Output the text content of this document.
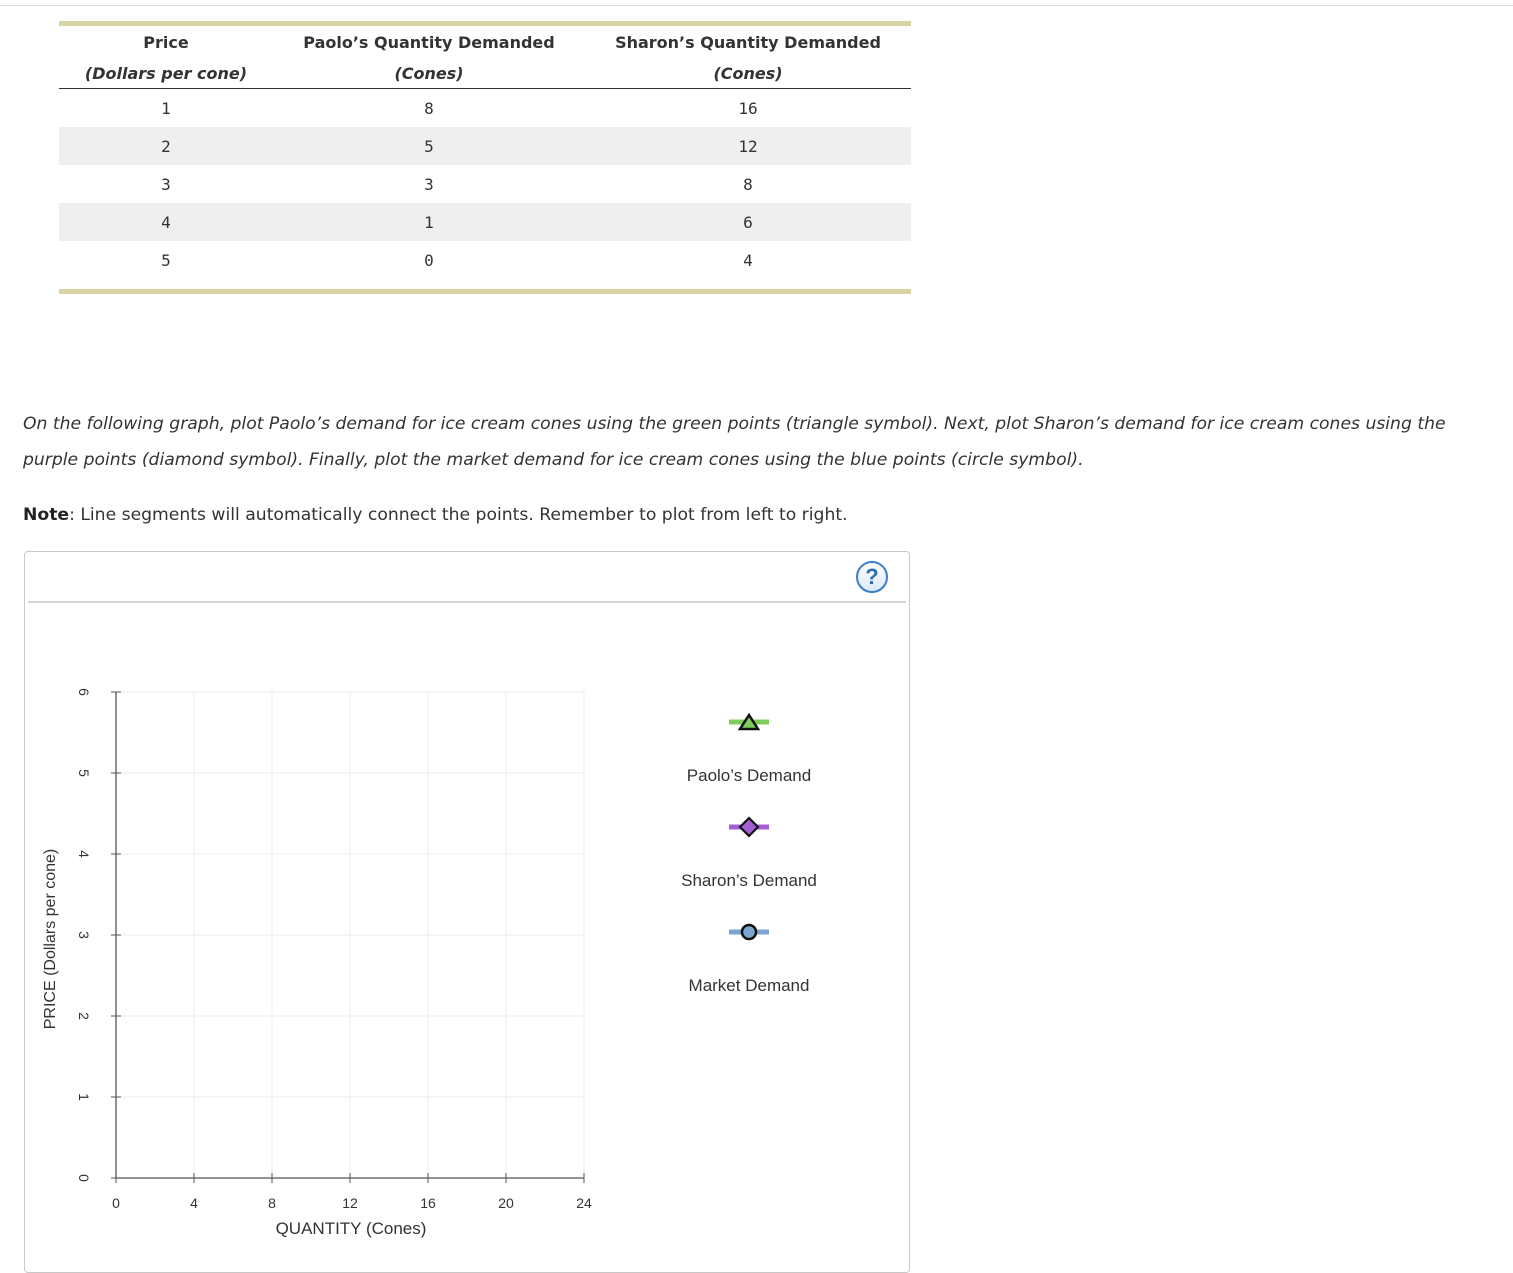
Price	Paolo’s Quantity Demanded	Sharon’s Quantity Demanded
(Dollars per cone)	(Cones)	(Cones)
1	8	16
2	5	12
3	3	8
4	1	6
5	0	4

On the following graph, plot Paolo’s demand for ice cream cones using the green points (triangle symbol). Next, plot Sharon’s demand for ice cream cones using the purple points (diamond symbol). Finally, plot the market demand for ice cream cones using the blue points (circle symbol).
Note: Line segments will automatically connect the points. Remember to plot from left to right.
?
0	4	8	12	16	20	24
0
1
2
3
4
5
6
QUANTITY (Cones)
PRICE (Dollars per cone)
Paolo’s Demand
Sharon’s Demand
Market Demand
